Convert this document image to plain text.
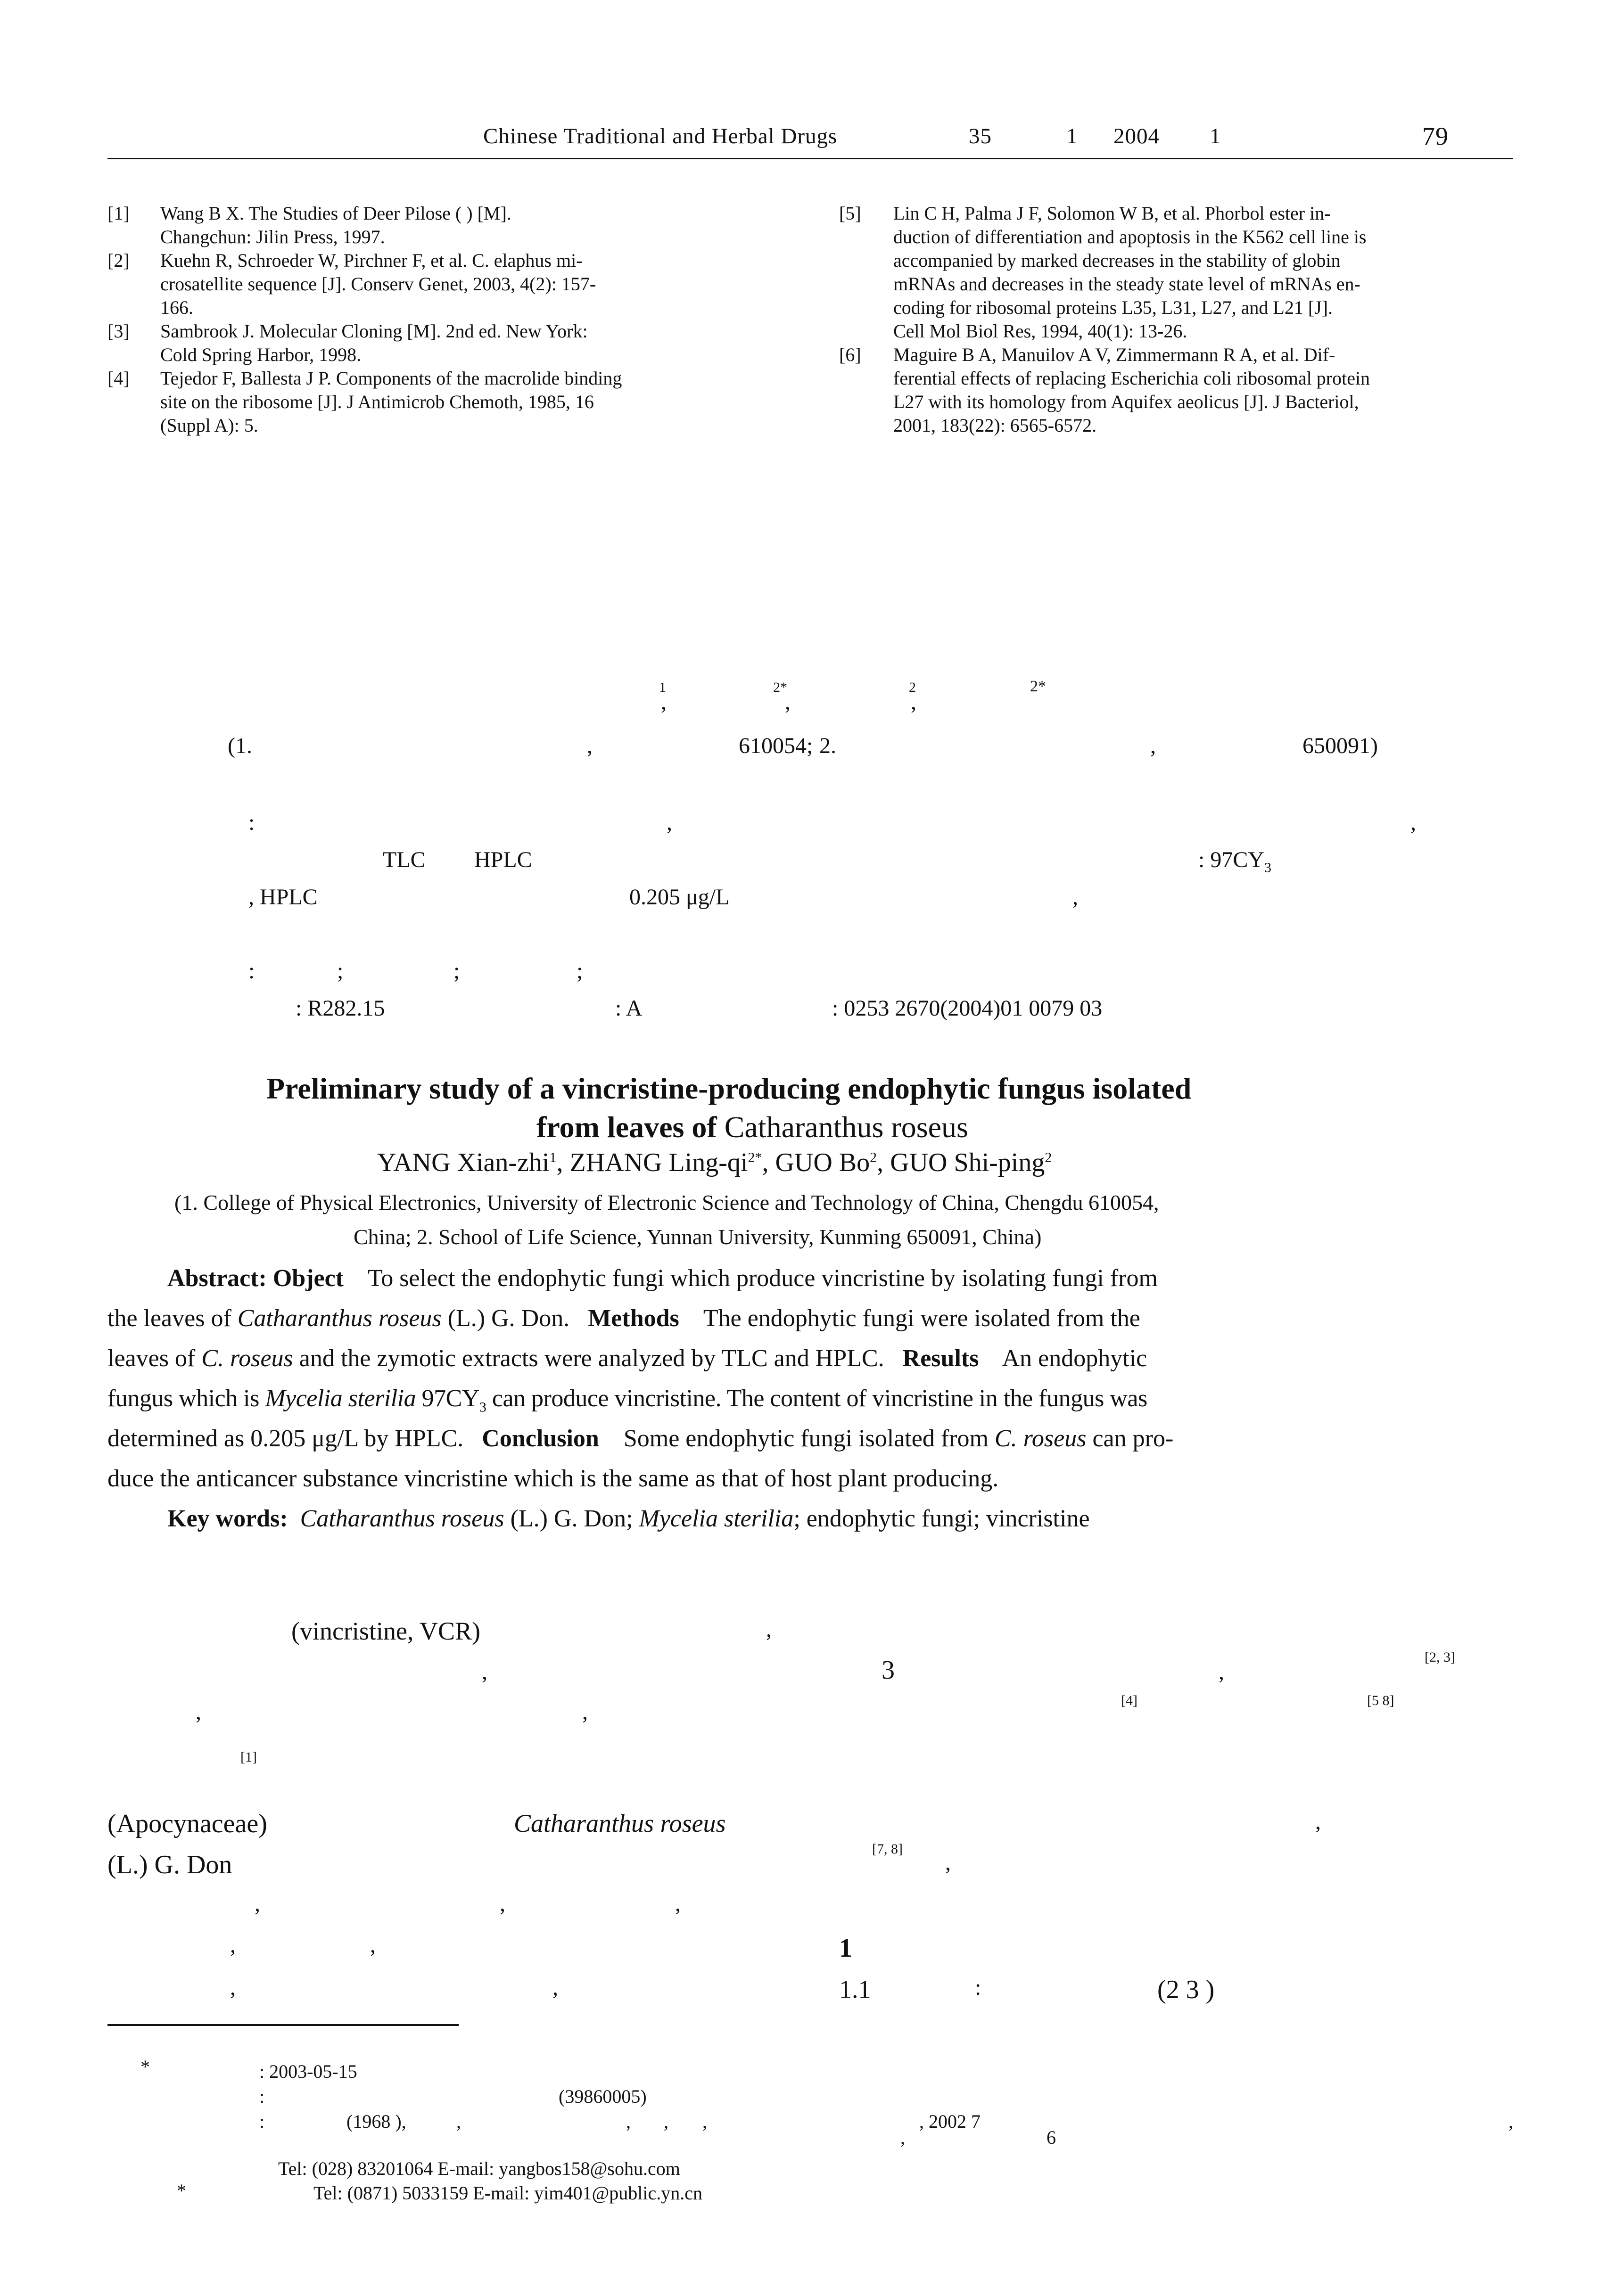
Chinese Traditional and Herbal Drugs	35	1 2004 1	79
[1] Wang B X. The Studies of Deer Pilose ( ) [M].
Changchun: Jilin Press, 1997.
[2] Kuehn R, Schroeder W, Pirchner F, et al. C. elaphus mi-
crosatellite sequence [J]. Conserv Genet, 2003, 4(2): 157-
166.
[3] Sambrook J. Molecular Cloning [M]. 2nd ed. New York:
Cold Spring Harbor, 1998.
[4] Tejedor F, Ballesta J P. Components of the macrolide binding
site on the ribosome [J]. J Antimicrob Chemoth, 1985, 16
(Suppl A): 5.
[5] Lin C H, Palma J F, Solomon W B, et al. Phorbol ester in-
duction of differentiation and apoptosis in the K562 cell line is
accompanied by marked decreases in the stability of globin
mRNAs and decreases in the steady state level of mRNAs en-
coding for ribosomal proteins L35, L31, L27, and L21 [J].
Cell Mol Biol Res, 1994, 40(1): 13-26.
[6] Maguire B A, Manuilov A V, Zimmermann R A, et al. Dif-
ferential effects of replacing Escherichia coli ribosomal protein
L27 with its homology from Aquifex aeolicus [J]. J Bacteriol,
2001, 183(22): 6565-6572.
1
,
2*
,
2
,
2*
(1.	,	610054; 2.	,	650091)
:	,	,
TLC HPLC	: $97CY_3$
, HPLC	0.205 μg/L	,
:	;	;	;
: R282.15	: A	: 0253 2670(2004)01 0079 03
Preliminary study of a vincristine-producing endophytic fungus isolated
from leaves of Catharanthus roseus
YANG Xian-zhi$^1$, ZHANG Ling-$qi^{2*}$, GUO Bo$^2$, GUO Shi-ping$^2$
(1. College of Physical Electronics, University of Electronic Science and Technology of China, Chengdu 610054,
China; 2. School of Life Science, Yunnan University, Kunming 650091, China)
Abstract: Object To select the endophytic fungi which produce vincristine by isolating fungi from
the leaves of Catharanthus roseus (L.) G. Don. Methods The endophytic fungi were isolated from the
leaves of C. roseus and the zymotic extracts were analyzed by TLC and HPLC. Results An endophytic
fungus which is Mycelia sterilia $97CY_3$ can produce vincristine. The content of vincristine in the fungus was
determined as 0.205 μg/L by HPLC. Conclusion Some endophytic fungi isolated from C. roseus can pro-
duce the anticancer substance vincristine which is the same as that of host plant producing.
Key words: Catharanthus roseus (L.) G. Don; Mycelia sterilia; endophytic fungi; vincristine
(vincristine, VCR)	,
,
,	,
[1]
(Apocynaceae)	Catharanthus roseus
(L.) G. Don
,	,	,
,	,
,	,
3	[2, 3]
,
[4]	[5 8]
,
[7, 8]
,
1
1.1	:	(2 3 )
*	: 2003-05-15
:	(39860005)
:	(1968 ),	,	, , ,	, 2002 7	,
6
,
Tel: (028) 83201064 E-mail: yangbos158@sohu.com
*	Tel: (0871) 5033159 E-mail: yim401@public.yn.cn
